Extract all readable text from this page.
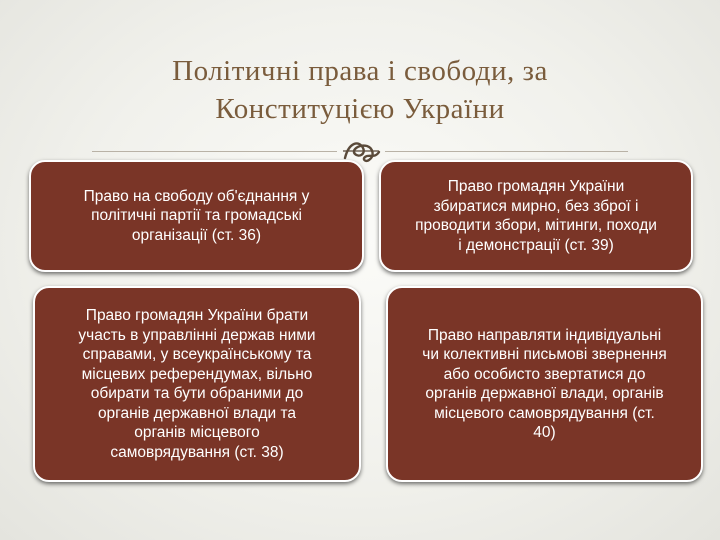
Політичні права і свободи, за
Конституцією України
Право на свободу об'єднання у
політичні партії та громадські
організації (ст. 36)
Право громадян України
збиратися мирно, без зброї і
проводити збори, мітинги, походи
і демонстрації (ст. 39)
Право громадян України брати
участь в управлінні держав ними
справами, у всеукраїнському та
місцевих референдумах, вільно
обирати та бути обраними до
органів державної влади та
органів місцевого
самоврядування (ст. 38)
Право направляти індивідуальні
чи колективні письмові звернення
або особисто звертатися до
органів державної влади, органів
місцевого самоврядування (ст.
40)
